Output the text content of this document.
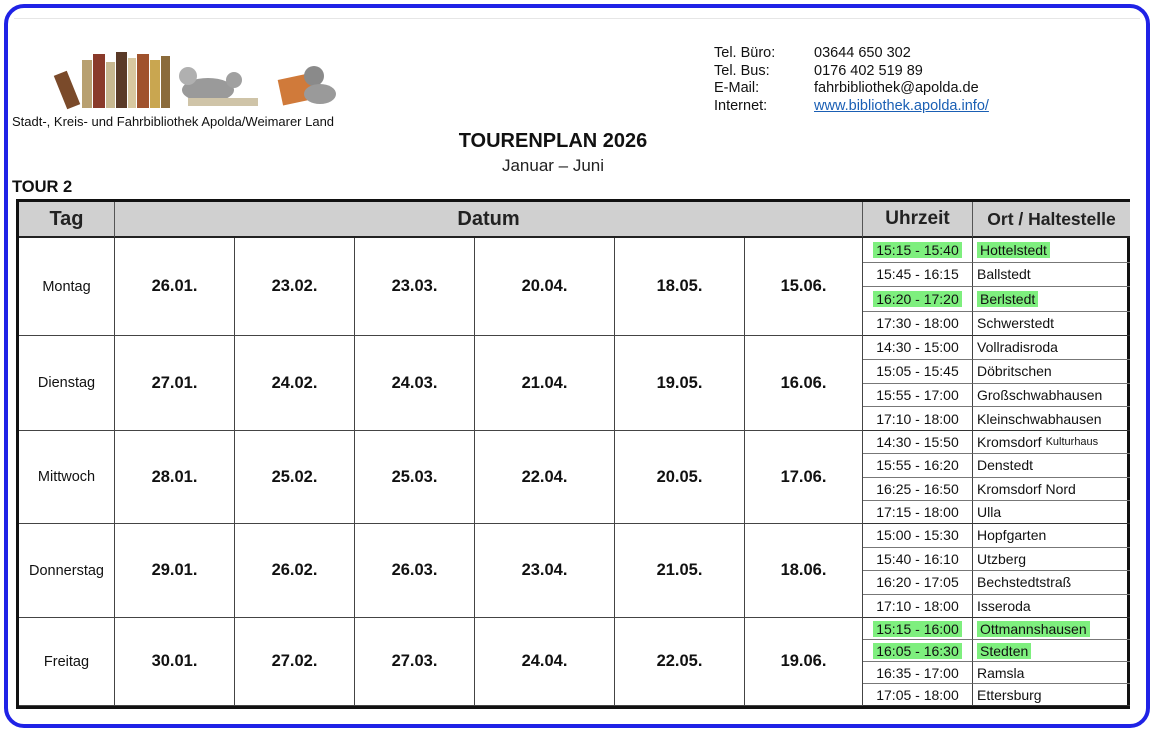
Stadt-, Kreis- und Fahrbibliothek Apolda/Weimarer Land
Tel. Büro:	03644 650 302
Tel. Bus:	0176 402 519 89
E-Mail:	fahrbibliothek@apolda.de
Internet:	www.bibliothek.apolda.info/
TOURENPLAN 2026
Januar – Juni
TOUR 2
Tag	Datum	Uhrzeit	Ort / Haltestelle
Montag	26.01.	23.02.	23.03.	20.04.	18.05.	15.06.
15:15 - 15:40 Hottelstedt
15:45 - 16:15 Ballstedt
16:20 - 17:20 Berlstedt
17:30 - 18:00 Schwerstedt
Dienstag	27.01.	24.02.	24.03.	21.04.	19.05.	16.06.
14:30 - 15:00 Vollradisroda
15:05 - 15:45 Döbritschen
15:55 - 17:00 Großschwabhausen
17:10 - 18:00 Kleinschwabhausen
Mittwoch	28.01.	25.02.	25.03.	22.04.	20.05.	17.06.
14:30 - 15:50 Kromsdorf Kulturhaus
15:55 - 16:20 Denstedt
16:25 - 16:50 Kromsdorf Nord
17:15 - 18:00 Ulla
Donnerstag	29.01.	26.02.	26.03.	23.04.	21.05.	18.06.
15:00 - 15:30 Hopfgarten
15:40 - 16:10 Utzberg
16:20 - 17:05 Bechstedtstraß
17:10 - 18:00 Isseroda
Freitag	30.01.	27.02.	27.03.	24.04.	22.05.	19.06.
15:15 - 16:00 Ottmannshausen
16:05 - 16:30 Stedten
16:35 - 17:00 Ramsla
17:05 - 18:00 Ettersburg
